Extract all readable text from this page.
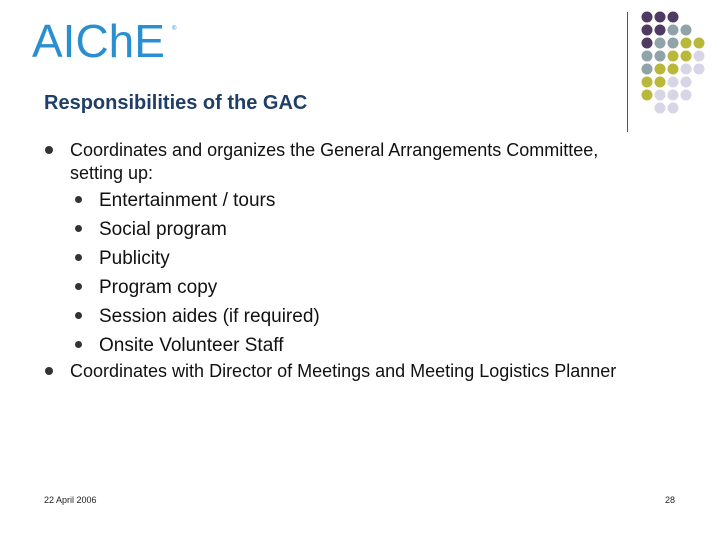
AIChE ®
Responsibilities of the GAC
Coordinates and organizes the General Arrangements Committee, setting up:
Entertainment / tours
Social program
Publicity
Program copy
Session aides (if required)
Onsite Volunteer Staff
Coordinates with Director of Meetings and Meeting Logistics Planner
22 April 2006	28
